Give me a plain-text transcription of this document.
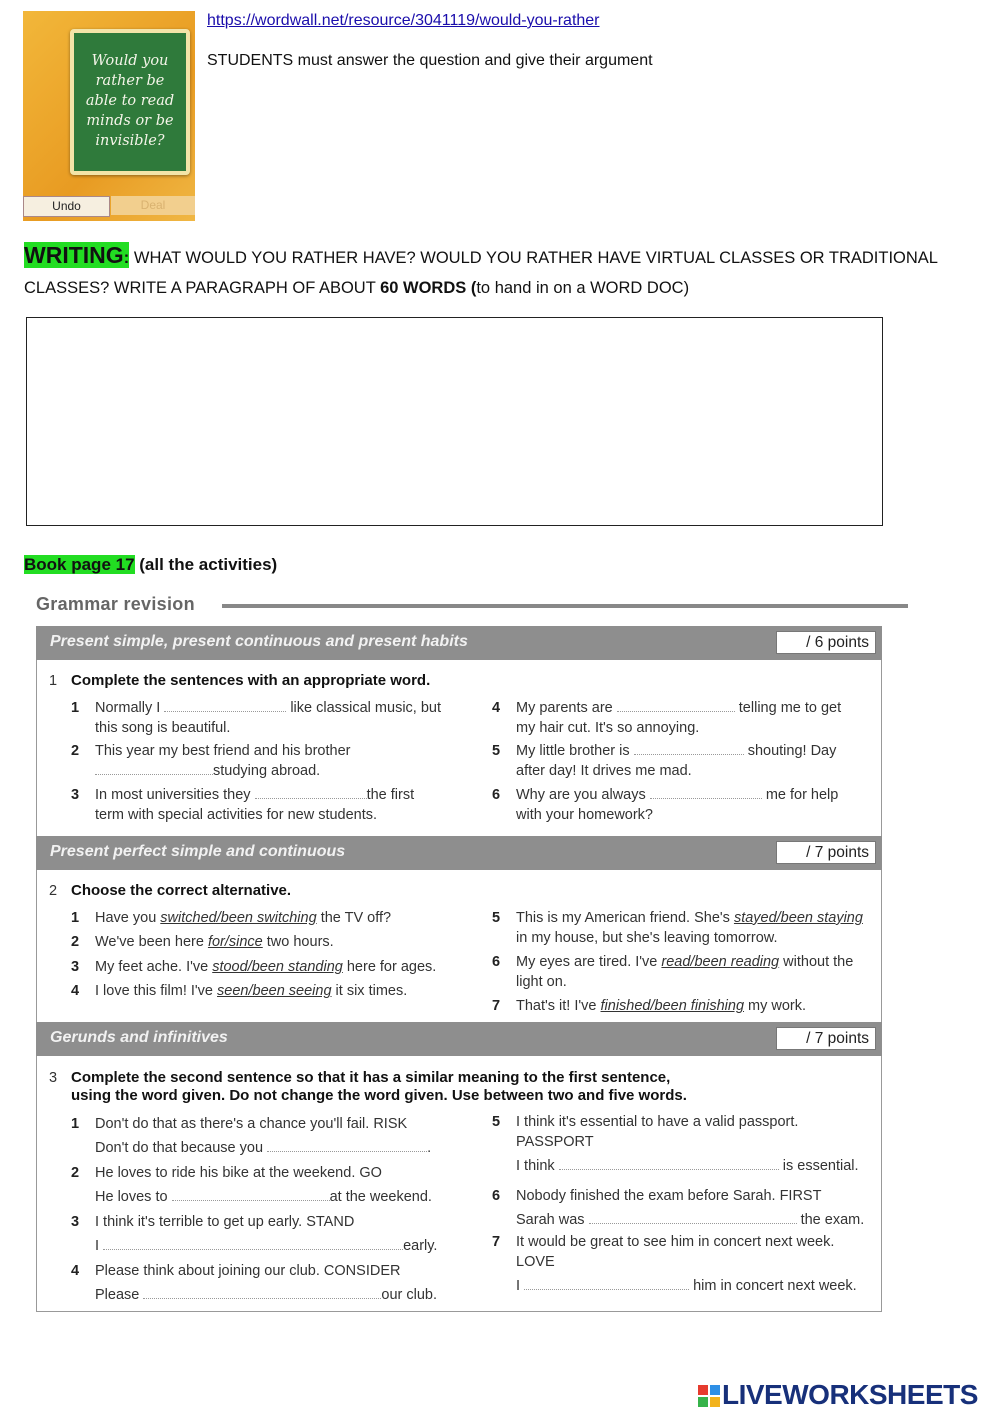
Would you rather be able to read minds or be invisible?
Undo	Deal
https://wordwall.net/resource/3041119/would-you-rather
STUDENTS must answer the question and give their argument
WRITING: WHAT WOULD YOU RATHER HAVE? WOULD YOU RATHER HAVE VIRTUAL CLASSES OR TRADITIONAL CLASSES? WRITE A PARAGRAPH OF ABOUT 60 WORDS (to hand in on a WORD DOC)
Book page 17 (all the activities)
Grammar revision
Present simple, present continuous and present habits	/ 6 points
1 Complete the sentences with an appropriate word.
1 Normally I	like classical music, but
this song is beautiful.
2 This year my best friend and his brother
studying abroad.
3 In most universities they	the first
term with special activities for new students.
4 My parents are	telling me to get
my hair cut. It's so annoying.
5 My little brother is	shouting! Day
after day! It drives me mad.
6 Why are you always	me for help
with your homework?
Present perfect simple and continuous	/ 7 points
2 Choose the correct alternative.
1 Have you switched/been switching the TV off?
2 We've been here for/since two hours.
3 My feet ache. I've stood/been standing here for ages.
4 I love this film! I've seen/been seeing it six times.
5 This is my American friend. She's stayed/been staying in my house, but she's leaving tomorrow.
6 My eyes are tired. I've read/been reading without the light on.
7 That's it! I've finished/been finishing my work.
Gerunds and infinitives	/ 7 points
3 Complete the second sentence so that it has a similar meaning to the first sentence,
using the word given. Do not change the word given. Use between two and five words.
1 Don't do that as there's a chance you'll fail. RISK
Don't do that because you	.
2 He loves to ride his bike at the weekend. GO
He loves to	at the weekend.
3 I think it's terrible to get up early. STAND
I	early.
4 Please think about joining our club. CONSIDER
Please	our club.
5 I think it's essential to have a valid passport.
PASSPORT
I think	is essential.
6 Nobody finished the exam before Sarah. FIRST
Sarah was	the exam.
7 It would be great to see him in concert next week.
LOVE
I	him in concert next week.
LIVEWORKSHEETS
